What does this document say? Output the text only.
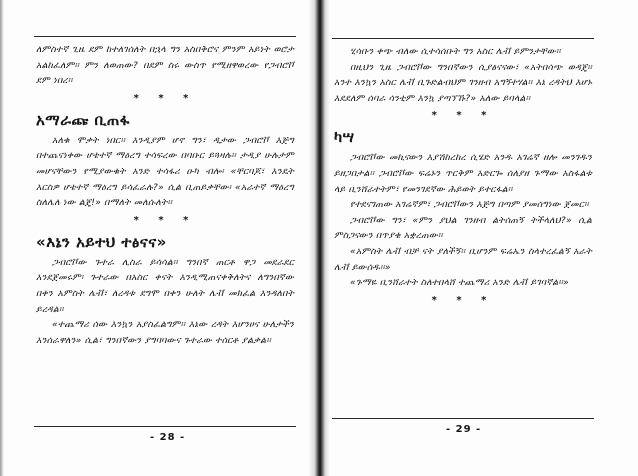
ለምስተኛ ጊዜ ደም ከተለገሰለት በኋላ ግን አስበቅሮና ምንም አይነት ወሮታ አልከፈለም፡፡ ምን ለወጠው? በደም ስሩ ውስጥ የሚዘዋወረው የጋብሮቮ ደም ነበረ፡፡

* * *
አማራጩ ቢጠፋ

አለቁ ሞቃት ነበር፡፡ እንዲያም ሆኖ ግን፣ ዲታው ጋብሮቮ እጅግ በተጨናነቀው ሆቴተኛ ማዕረግ ተሳፍረው በባቡር ይጓዛሉ፡፡ ታዲያ ሁሉታም መሆናቸውን የሚያውቁት አንድ ተሳፋሪ ዑካ ብሎ፡ «ቸርባጆ፣ እንዴት እርስዎ ሆቴተኛ ማዕረግ ይሳፈራሉ?» ሲል ቢጠይቃቸው፡ «አራተኛ ማዕረግ ስለሌለ ነው ልጄ!» በማለት መለሱለት፡፡

* * *
«እኔን አይተህ ተፅናና»

ጋብሮቮው ጉተራ ሊስራ ይሳሳል፡፡ ግንበኛ ጠርቶ ዋጋ መደራደር እንደጀመሩም፡ ጉተራው በአስር ቀናት እንዲሚጠናቀቅለትና ለግንበኛው በቀን አምስት ሌቭ፣ ለረዳቱ ደግሞ በቀን ሁለት ሌቭ መክፈል እንዳለበት ይረዳል፡፡

«ተጨማሪ ሰው እንኳን አያስፈልግም፡፡ እኔው ረዳት እሆንሀና ሁለታችን እንሰራዋለን» ሲል፣ ግንበኛውን ያግባባውና ጉተራው ተሰርቶ ያልቃል፡፡

- 28 -

ሂሳቡን ቀጭ ብለው ሲተሳሰቡት ግን አስር ሌቭ ይምንታቸው፡፡

በዚህን ጊዜ ጋብሮቮው ግንበኛውን ሲያፅናናው፣ «አትበሳጭ ወዳጄ፡፡ አንተ እንኳን አስር ሌቭ ቢጉድልብህም ገንዘብ አግኝተሃል፡፡ እኔ ረዳትህ እሆኑ እደደለም ሰባራ ሳንቲም እንኳ ያጣኘኹ?» አለው ይባላል፡፡

* * *
ካሣ

ጋብሮቮው መኪናውን እያሽከረከረ ሲሄድ አንዱ አገሬኛ ዘሎ መንገዱን ይዘጋበታል፡፡ ጋብሮቮው ፍሬኑን ጥርቅም አድርጐ ሰለያዘ ጉማው አስፋልቱ ላይ ቢንሸራተትም፣ የመንገደኛው ሕይወት ይተርፋል፡፡

የተደናገጠው አገሬኛም፣ ጋብሮቮውን እጅግ በጣም ያመሰግነው ጀመር፡፡

ጋብሮቮው ግን፣ «ምን ያህል ገንዘብ ልትሰጠኝ ትችላለህ?» ሲል ምስጋናውን በጥያቄ አቋረጠው፡፡

«አምስት ሌቭ ብቻ ናት ያለችኝ፡፡ ቢሆንም ፍሬኤን ስላተረፈልኝ አራት ሌቭ ይውሰዱ፡፡»

«ጉማዬ ቢንሸራተት ስለተበላሸ ተጨማሪ አንድ ሌቭ ይገባኛል፡፡»

* * *
- 29 -
